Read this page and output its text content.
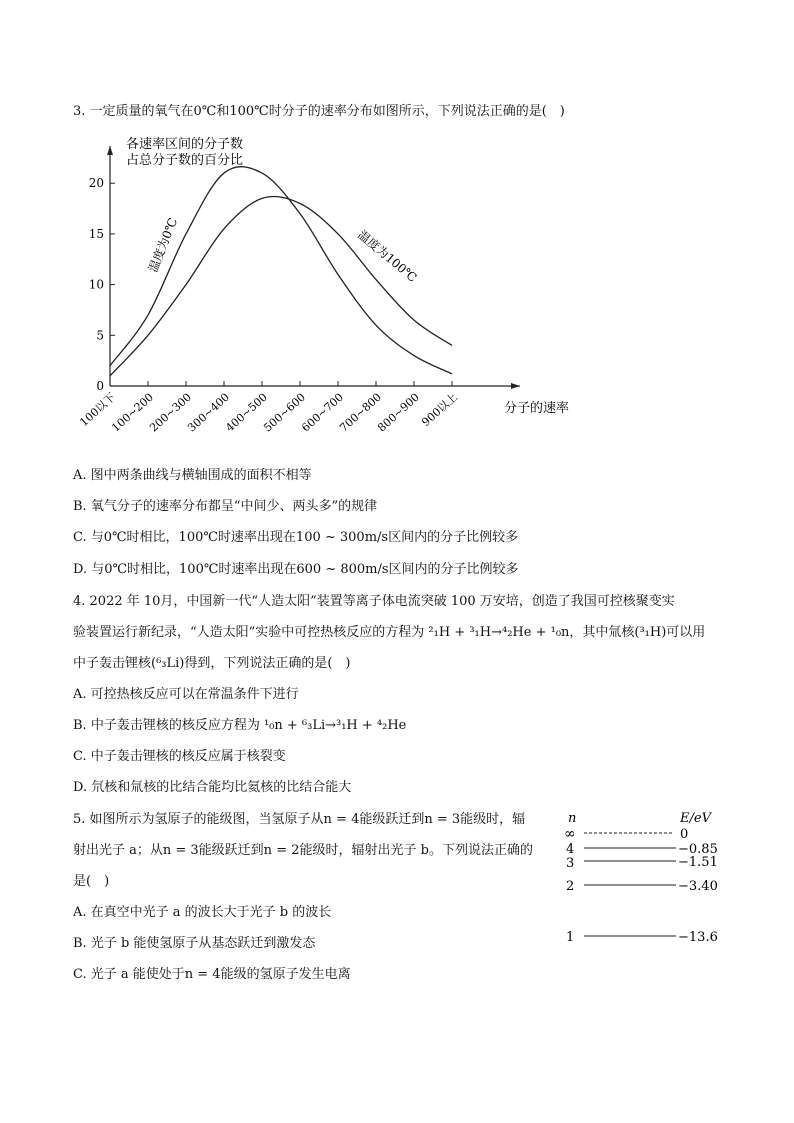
3. 一定质量的氧气在0℃和100℃时分子的速率分布如图所示，下列说法正确的是(　)
各速率区间的分子数
占总分子数的百分比
0
5
10
15
20
100以下
100~200
200~300
300~400
400~500
500~600
600~700
700~800
800~900
900以上	分子的速率
温度为0℃	温度为100℃
A. 图中两条曲线与横轴围成的面积不相等
B. 氧气分子的速率分布都呈“中间少、两头多”的规律
C. 与0℃时相比，100℃时速率出现在100 ~ 300m/s区间内的分子比例较多
D. 与0℃时相比，100℃时速率出现在600 ~ 800m/s区间内的分子比例较多
4. 2022 年 10月，中国新一代“人造太阳”装置等离子体电流突破 100 万安培，创造了我国可控核聚变实
验装置运行新纪录，“人造太阳”实验中可控热核反应的方程为 ²₁H + ³₁H→⁴₂He + ¹₀n，其中氚核(³₁H)可以用
中子轰击锂核(⁶₃Li)得到，下列说法正确的是(　)
A. 可控热核反应可以在常温条件下进行
B. 中子轰击锂核的核反应方程为 ¹₀n + ⁶₃Li→³₁H + ⁴₂He
C. 中子轰击锂核的核反应属于核裂变
D. 氘核和氚核的比结合能均比氦核的比结合能大
5. 如图所示为氢原子的能级图，当氢原子从n = 4能级跃迁到n = 3能级时，辐
射出光子 a；从n = 3能级跃迁到n = 2能级时，辐射出光子 b。下列说法正确的
是(　)
A. 在真空中光子 a 的波长大于光子 b 的波长
B. 光子 b 能使氢原子从基态跃迁到激发态
C. 光子 a 能使处于n = 4能级的氢原子发生电离
n	E/eV
∞	0
4	−0.85
3	−1.51
2	−3.40
1	−13.6
